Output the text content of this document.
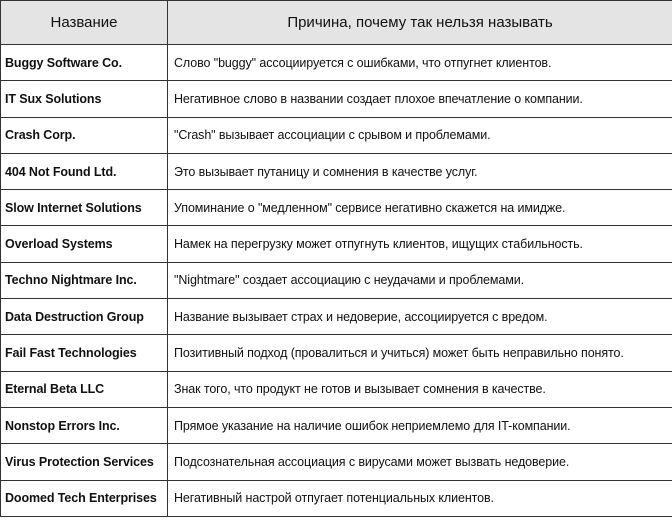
Название	Причина, почему так нельзя называть
Buggy Software Co.	Слово "buggy" ассоциируется с ошибками, что отпугнет клиентов.
IT Sux Solutions	Негативное слово в названии создает плохое впечатление о компании.
Crash Corp.	"Crash" вызывает ассоциации с срывом и проблемами.
404 Not Found Ltd.	Это вызывает путаницу и сомнения в качестве услуг.
Slow Internet Solutions	Упоминание о "медленном" сервисе негативно скажется на имидже.
Overload Systems	Намек на перегрузку может отпугнуть клиентов, ищущих стабильность.
Techno Nightmare Inc.	"Nightmare" создает ассоциацию с неудачами и проблемами.
Data Destruction Group	Название вызывает страх и недоверие, ассоциируется с вредом.
Fail Fast Technologies	Позитивный подход (провалиться и учиться) может быть неправильно понято.
Eternal Beta LLC	Знак того, что продукт не готов и вызывает сомнения в качестве.
Nonstop Errors Inc.	Прямое указание на наличие ошибок неприемлемо для IT-компании.
Virus Protection Services	Подсознательная ассоциация с вирусами может вызвать недоверие.
Doomed Tech Enterprises	Негативный настрой отпугает потенциальных клиентов.
